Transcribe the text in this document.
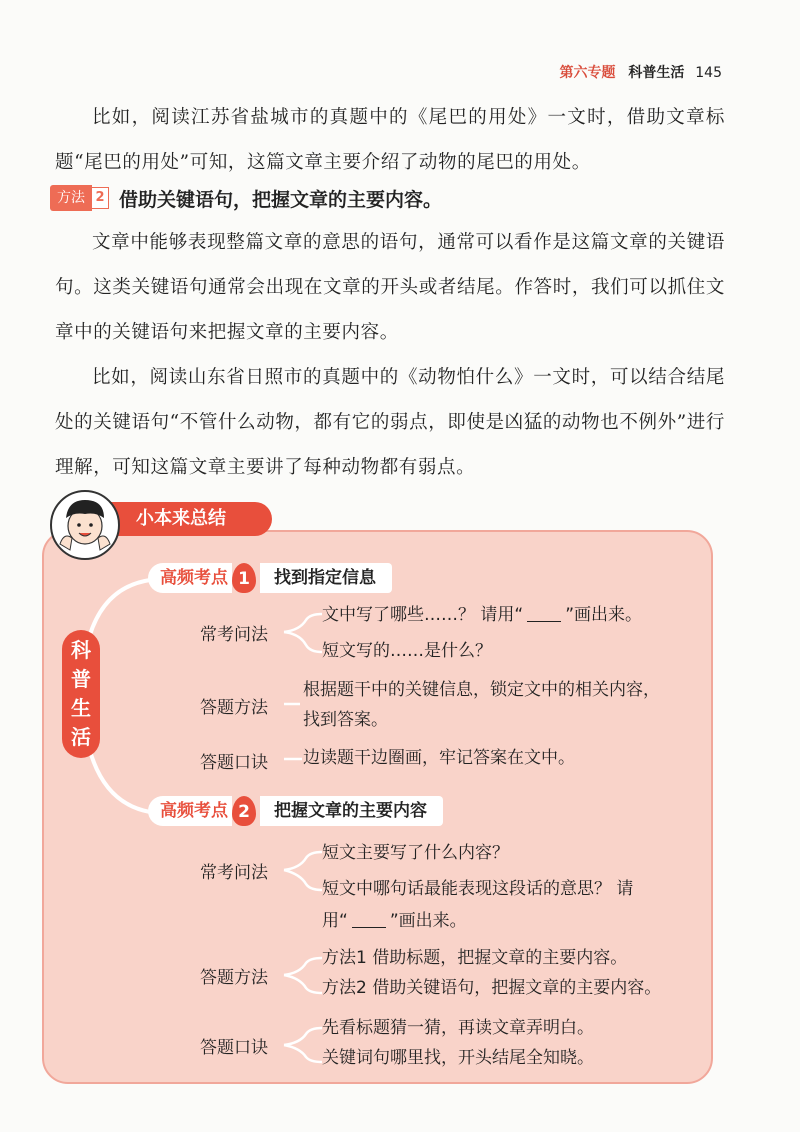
第六专题 科普生活 145

比如，阅读江苏省盐城市的真题中的《尾巴的用处》一文时，借助文章标题“尾巴的用处”可知，这篇文章主要介绍了动物的尾巴的用处。

方法 2 借助关键语句，把握文章的主要内容。

文章中能够表现整篇文章的意思的语句，通常可以看作是这篇文章的关键语句。这类关键语句通常会出现在文章的开头或者结尾。作答时，我们可以抓住文章中的关键语句来把握文章的主要内容。

比如，阅读山东省日照市的真题中的《动物怕什么》一文时，可以结合结尾处的关键语句“不管什么动物，都有它的弱点，即使是凶猛的动物也不例外”进行理解，可知这篇文章主要讲了每种动物都有弱点。

小本来总结
科
普
生
活
高频考点 1	找到指定信息
常考问法
文中写了哪些……？ 请用“ ”画出来。
短文写的……是什么？
答题方法
根据题干中的关键信息，锁定文中的相关内容，
找到答案。
答题口诀 边读题干边圈画，牢记答案在文中。
高频考点 2	把握文章的主要内容
常考问法
短文主要写了什么内容？
短文中哪句话最能表现这段话的意思？ 请
用“ ”画出来。
答题方法
方法1 借助标题，把握文章的主要内容。
方法2 借助关键语句，把握文章的主要内容。
答题口诀
先看标题猜一猜，再读文章弄明白。
关键词句哪里找，开头结尾全知晓。
